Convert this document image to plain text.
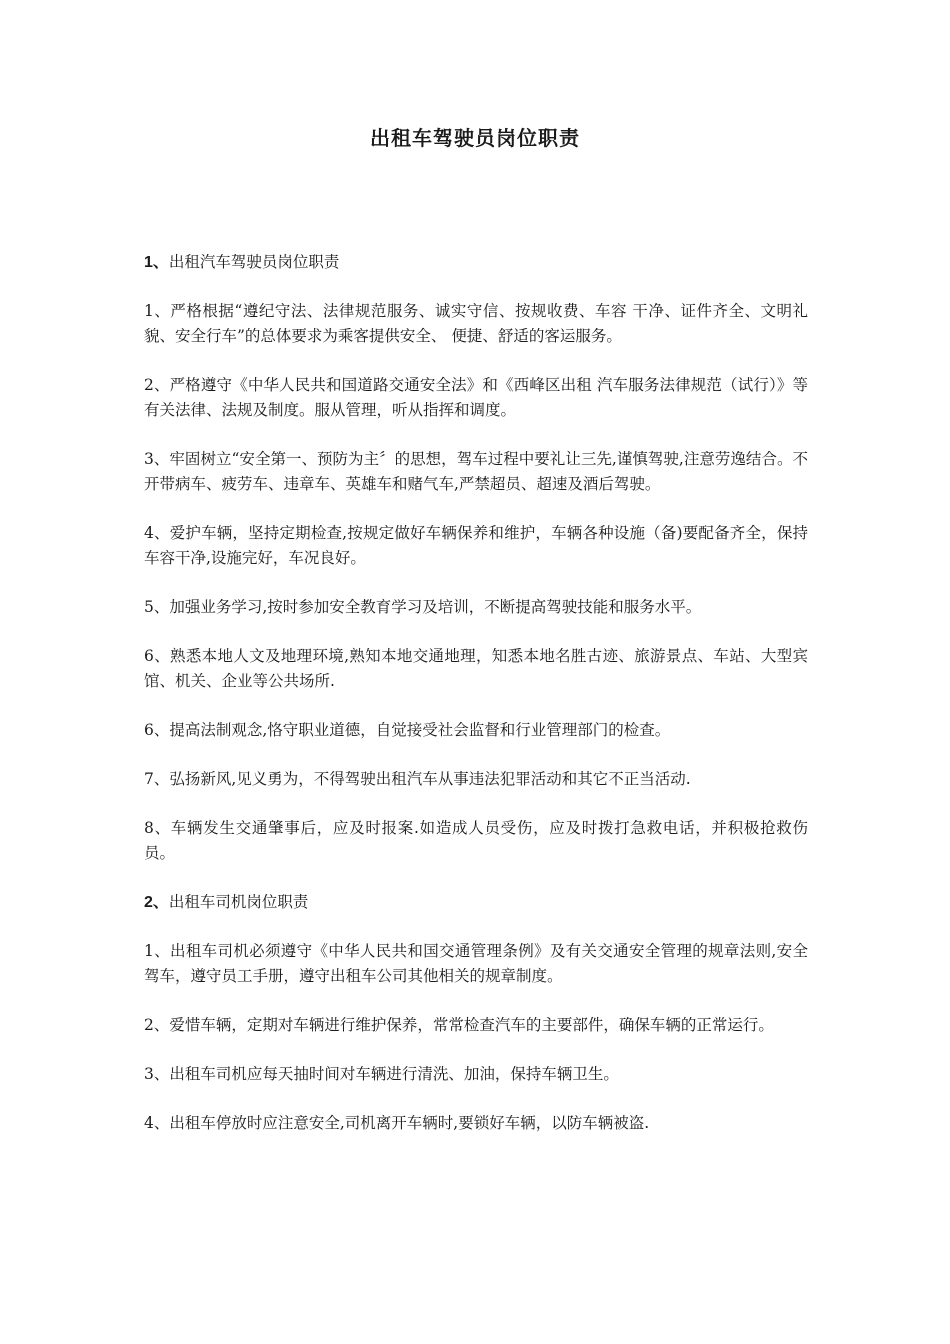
出租车驾驶员岗位职责

1、出租汽车驾驶员岗位职责

1、严格根据“遵纪守法、法律规范服务、诚实守信、按规收费、车容 干净、证件齐全、文明礼貌、安全行车”的总体要求为乘客提供安全、 便捷、舒适的客运服务。

2、严格遵守《中华人民共和国道路交通安全法》和《西峰区出租 汽车服务法律规范（试行）》等有关法律、法规及制度。服从管理，听从指挥和调度。

3、牢固树立“安全第一、预防为主〞的思想，驾车过程中要礼让三先,谨慎驾驶,注意劳逸结合。不开带病车、疲劳车、违章车、英雄车和赌气车,严禁超员、超速及酒后驾驶。

4、爱护车辆，坚持定期检查,按规定做好车辆保养和维护，车辆各种设施（备)要配备齐全，保持车容干净,设施完好，车况良好。

5、加强业务学习,按时参加安全教育学习及培训，不断提高驾驶技能和服务水平。

6、熟悉本地人文及地理环境,熟知本地交通地理，知悉本地名胜古迹、旅游景点、车站、大型宾馆、机关、企业等公共场所.

6、提高法制观念,恪守职业道德，自觉接受社会监督和行业管理部门的检查。

7、弘扬新风,见义勇为，不得驾驶出租汽车从事违法犯罪活动和其它不正当活动.

8、车辆发生交通肇事后，应及时报案.如造成人员受伤，应及时拨打急救电话，并积极抢救伤员。

2、出租车司机岗位职责

1、出租车司机必须遵守《中华人民共和国交通管理条例》及有关交通安全管理的规章法则,安全驾车，遵守员工手册，遵守出租车公司其他相关的规章制度。

2、爱惜车辆，定期对车辆进行维护保养，常常检查汽车的主要部件，确保车辆的正常运行。

3、出租车司机应每天抽时间对车辆进行清洗、加油，保持车辆卫生。

4、出租车停放时应注意安全,司机离开车辆时,要锁好车辆，以防车辆被盗.
